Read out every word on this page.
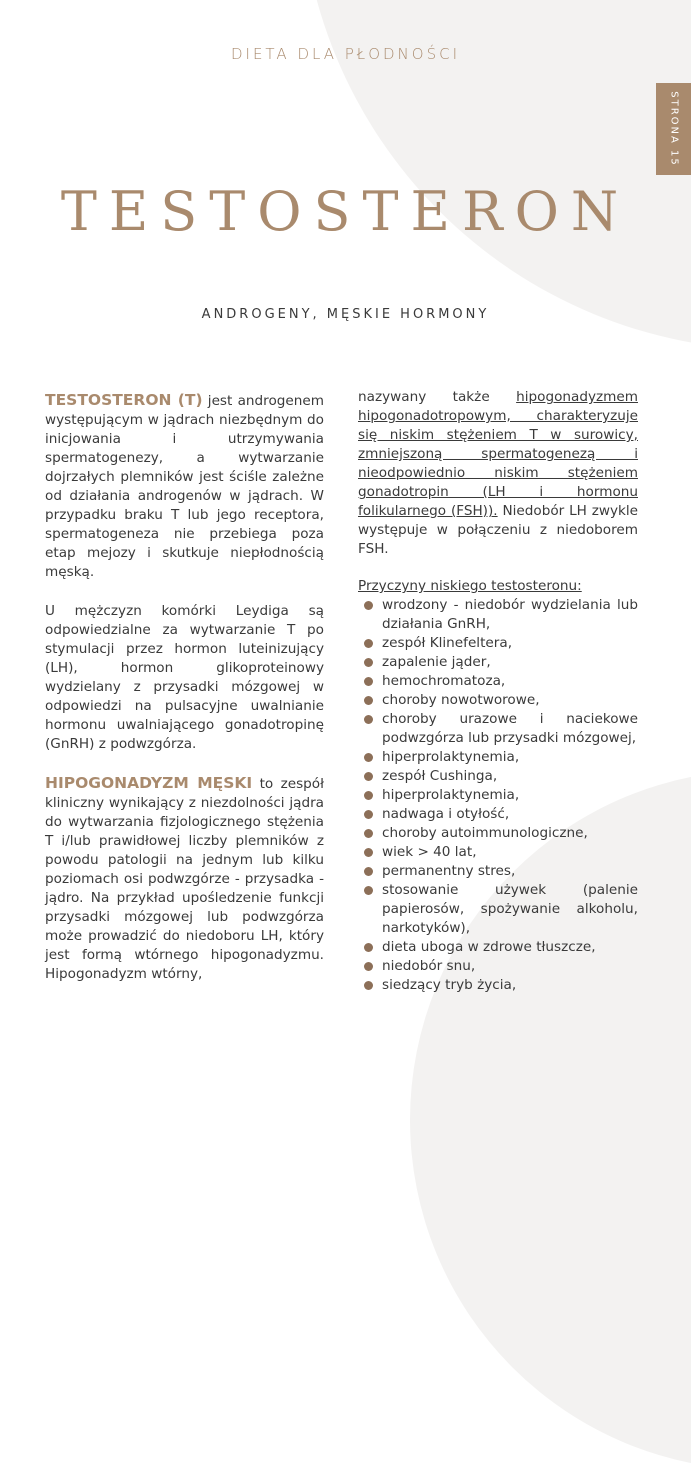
DIETA DLA PŁODNOŚCI
STRONA 15
TESTOSTERON
ANDROGENY, MĘSKIE HORMONY

TESTOSTERON (T) jest androgenem występującym w jądrach niezbędnym do inicjowania i utrzymywania spermatogenezy, a wytwarzanie dojrzałych plemników jest ściśle zależne od działania androgenów w jądrach. W przypadku braku T lub jego receptora, spermatogeneza nie przebiega poza etap mejozy i skutkuje niepłodnością męską.

U mężczyzn komórki Leydiga są odpowiedzialne za wytwarzanie T po stymulacji przez hormon luteinizujący (LH), hormon glikoproteinowy wydzielany z przysadki mózgowej w odpowiedzi na pulsacyjne uwalnianie hormonu uwalniającego gonadotropinę (GnRH) z podwzgórza.

HIPOGONADYZM MĘSKI to zespół kliniczny wynikający z niezdolności jądra do wytwarzania fizjologicznego stężenia T i/lub prawidłowej liczby plemników z powodu patologii na jednym lub kilku poziomach osi podwzgórze - przysadka - jądro. Na przykład upośledzenie funkcji przysadki mózgowej lub podwzgórza może prowadzić do niedoboru LH, który jest formą wtórnego hipogonadyzmu. Hipogonadyzm wtórny,

nazywany także hipogonadyzmem hipogonadotropowym, charakteryzuje się niskim stężeniem T w surowicy, zmniejszoną spermatogenezą i nieodpowiednio niskim stężeniem gonadotropin (LH i hormonu folikularnego (FSH)). Niedobór LH zwykle występuje w połączeniu z niedoborem FSH.

Przyczyny niskiego testosteronu:

wrodzony - niedobór wydzielania lub działania GnRH,
zespół Klinefeltera,
zapalenie jąder,
hemochromatoza,
choroby nowotworowe,
choroby urazowe i naciekowe podwzgórza lub przysadki mózgowej,
hiperprolaktynemia,
zespół Cushinga,
hiperprolaktynemia,
nadwaga i otyłość,
choroby autoimmunologiczne,
wiek > 40 lat,
permanentny stres,
stosowanie używek (palenie papierosów, spożywanie alkoholu, narkotyków),
dieta uboga w zdrowe tłuszcze,
niedobór snu,
siedzący tryb życia,
